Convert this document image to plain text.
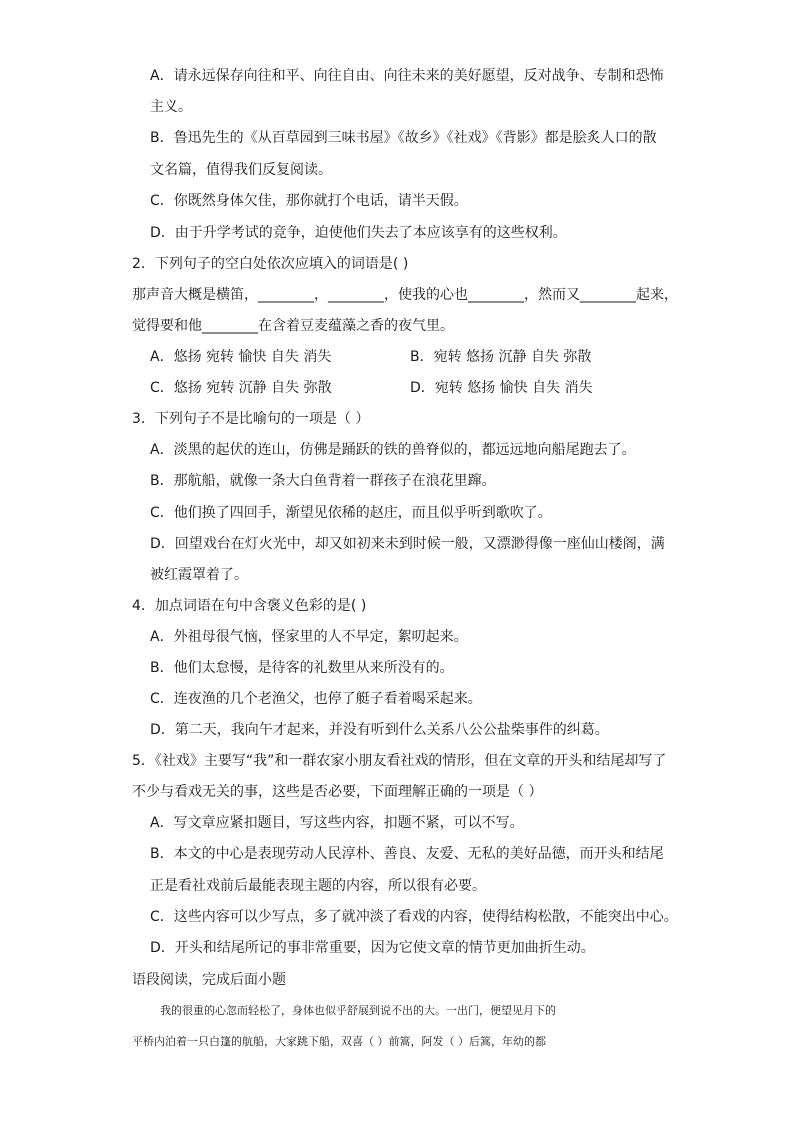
A．请永远保存向往和平、向往自由、向往未来的美好愿望，反对战争、专制和恐怖
主义。
B．鲁迅先生的《从百草园到三味书屋》《故乡》《社戏》《背影》都是脍炙人口的散
文名篇，值得我们反复阅读。
C．你既然身体欠佳，那你就打个电话，请半天假。
D．由于升学考试的竞争，迫使他们失去了本应该享有的这些权利。
2．下列句子的空白处依次应填入的词语是( )
那声音大概是横笛，________，________，使我的心也________，然而又________起来，
觉得要和他________在含着豆麦蕴藻之香的夜气里。
A．悠扬 宛转 愉快 自失 消失	B．宛转 悠扬 沉静 自失 弥散
C．悠扬 宛转 沉静 自失 弥散	D．宛转 悠扬 愉快 自失 消失
3．下列句子不是比喻句的一项是（ ）
A．淡黑的起伏的连山，仿佛是踊跃的铁的兽脊似的，都远远地向船尾跑去了。
B．那航船，就像一条大白鱼背着一群孩子在浪花里蹿。
C．他们换了四回手，渐望见依稀的赵庄，而且似乎听到歌吹了。
D．回望戏台在灯火光中，却又如初来未到时候一般，又漂渺得像一座仙山楼阁，满
被红霞罩着了。
4．加点词语在句中含褒义色彩的是( )
A．外祖母很气恼，怪家里的人不早定，絮叨起来。
B．他们太怠慢，是待客的礼数里从来所没有的。
C．连夜渔的几个老渔父，也停了艇子看着喝采起来。
D．第二天，我向午才起来，并没有听到什么关系八公公盐柴事件的纠葛。
5．《社戏》主要写“我”和一群农家小朋友看社戏的情形，但在文章的开头和结尾却写了
不少与看戏无关的事，这些是否必要，下面理解正确的一项是（ ）
A．写文章应紧扣题目，写这些内容，扣题不紧，可以不写。
B．本文的中心是表现劳动人民淳朴、善良、友爱、无私的美好品德，而开头和结尾
正是看社戏前后最能表现主题的内容，所以很有必要。
C．这些内容可以少写点，多了就冲淡了看戏的内容，使得结构松散，不能突出中心。
D．开头和结尾所记的事非常重要，因为它使文章的情节更加曲折生动。
语段阅读，完成后面小题
我的很重的心忽而轻松了，身体也似乎舒展到说不出的大。一出门，便望见月下的
平桥内泊着一只白篷的航船，大家跳下船，双喜（ ）前篙，阿发（ ）后篙，年幼的都
